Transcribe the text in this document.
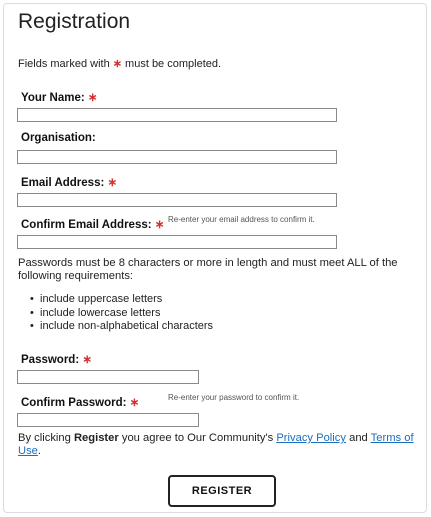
Registration
Fields marked with ∗ must be completed.
Your Name: ∗
Organisation:
Email Address: ∗
Confirm Email Address: ∗ Re-enter your email address to confirm it.

Passwords must be 8 characters or more in length and must meet ALL of the following requirements:

• include uppercase letters
• include lowercase letters
• include non-alphabetical characters
Password: ∗
Confirm Password: ∗	Re-enter your password to confirm it.

By clicking Register you agree to Our Community's Privacy Policy and Terms of Use.

REGISTER
